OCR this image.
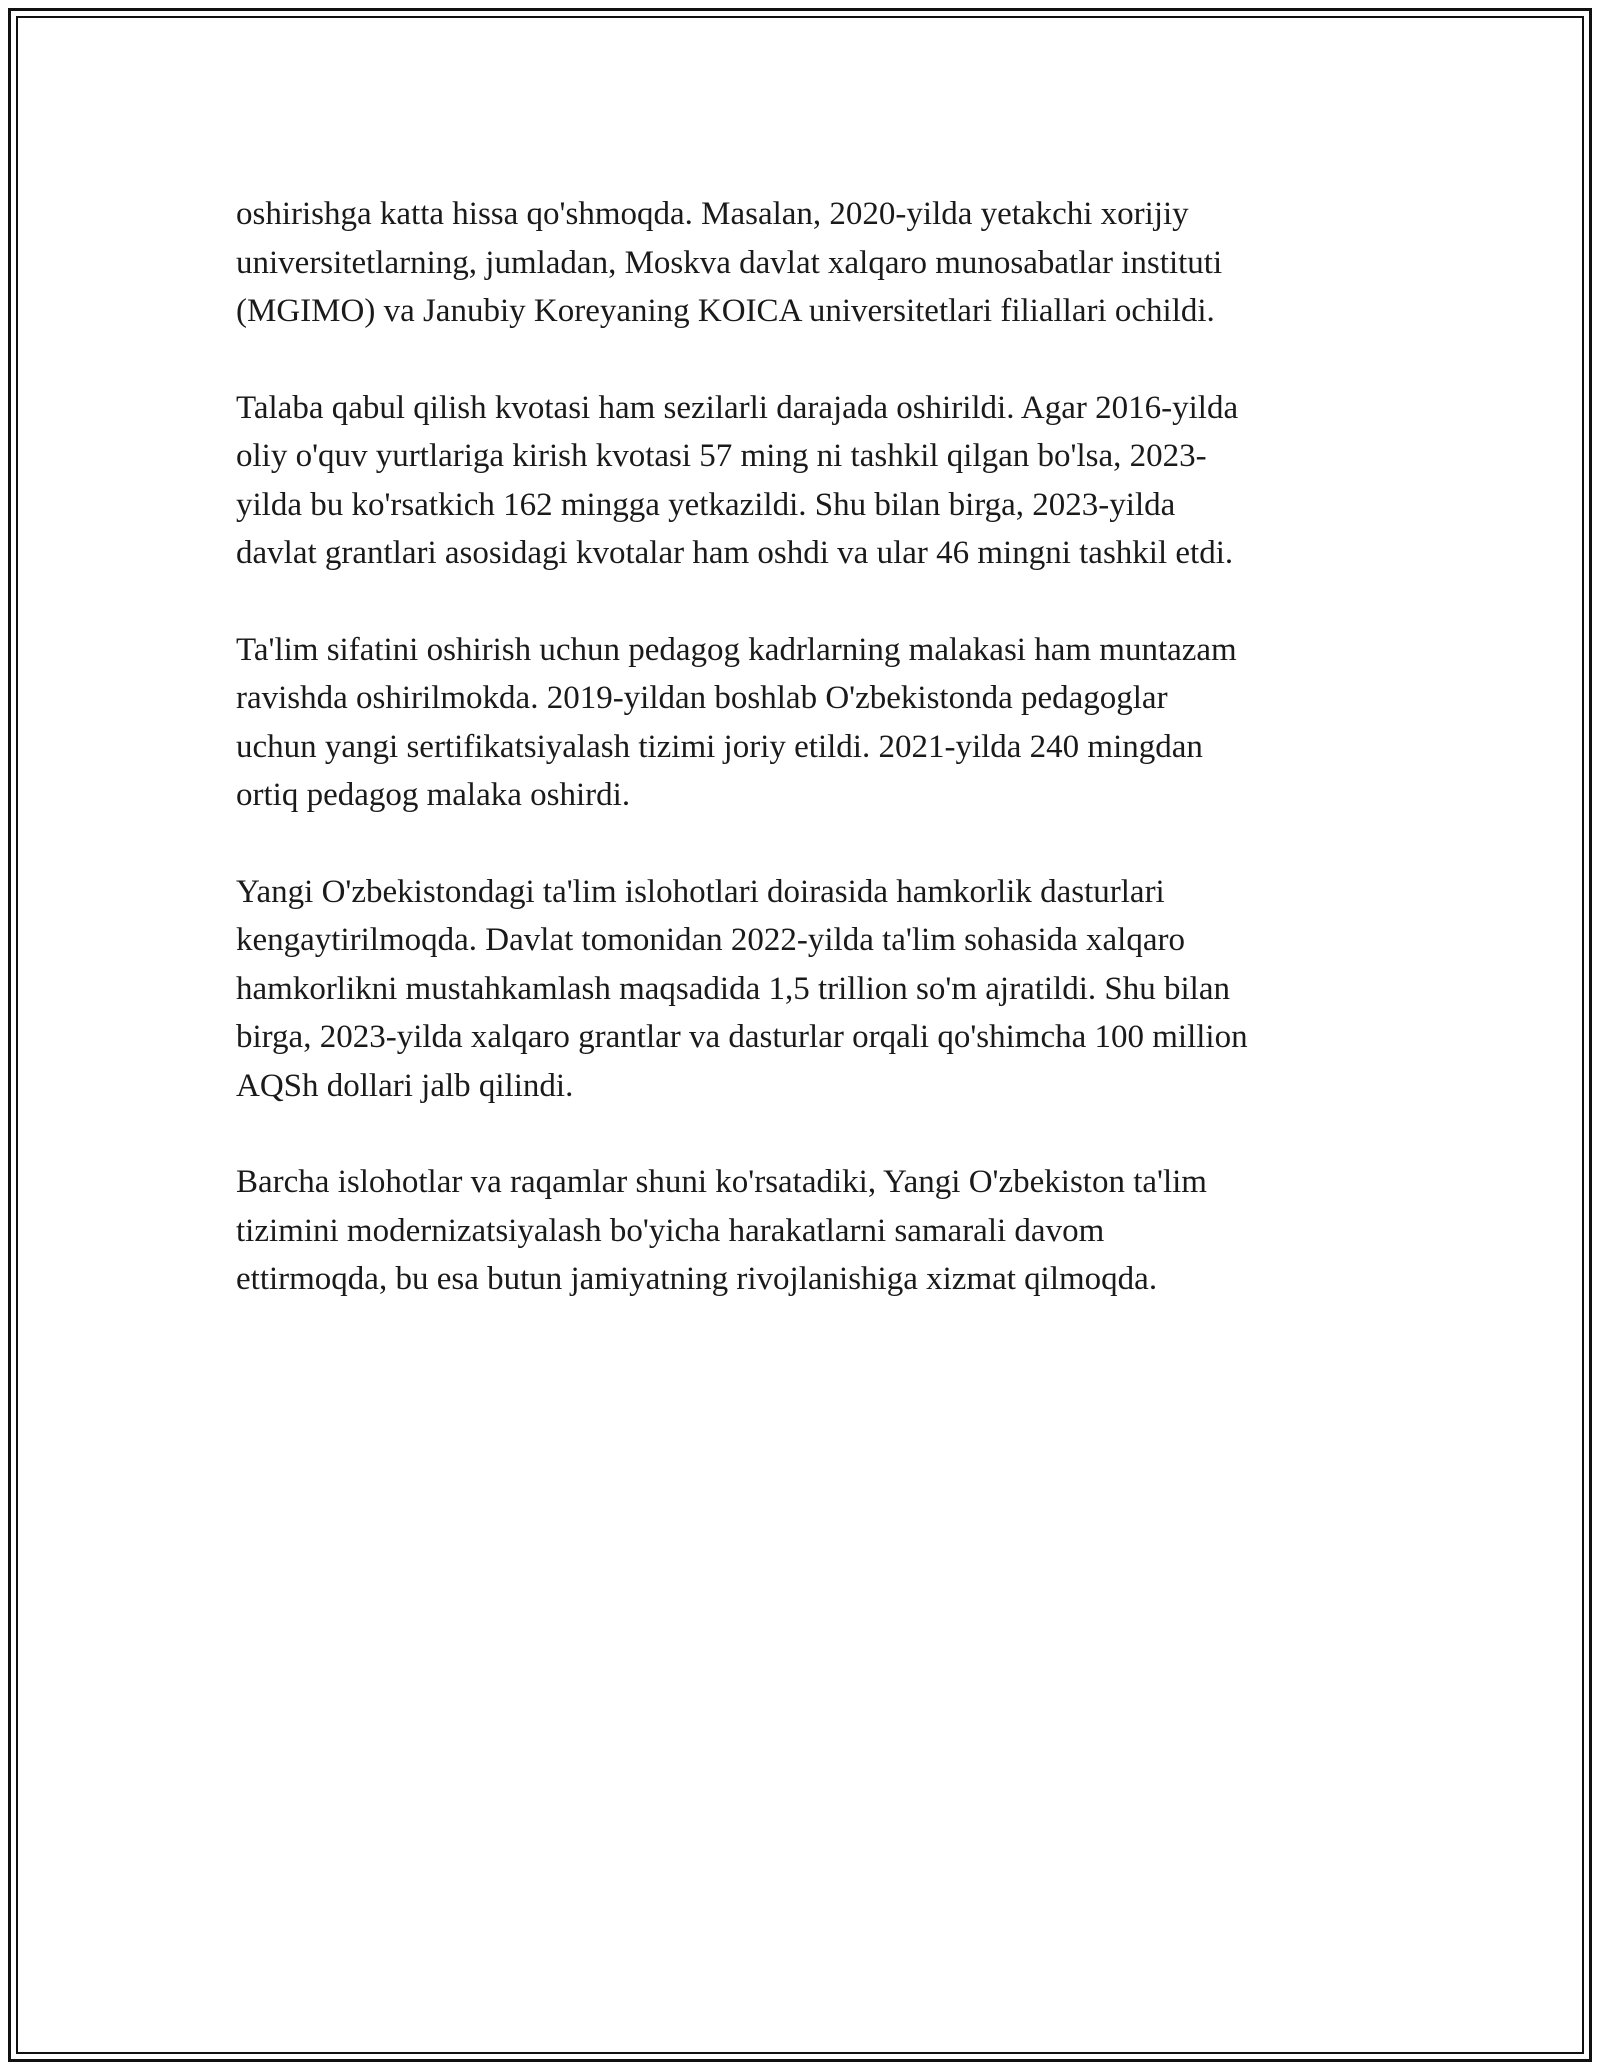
oshirishga katta hissa qo'shmoqda. Masalan, 2020-yilda yetakchi xorijiy
universitetlarning, jumladan, Moskva davlat xalqaro munosabatlar instituti
(MGIMO) va Janubiy Koreyaning KOICA universitetlari filiallari ochildi.

Talaba qabul qilish kvotasi ham sezilarli darajada oshirildi. Agar 2016-yilda
oliy o'quv yurtlariga kirish kvotasi 57 ming ni tashkil qilgan bo'lsa, 2023-
yilda bu ko'rsatkich 162 mingga yetkazildi. Shu bilan birga, 2023-yilda
davlat grantlari asosidagi kvotalar ham oshdi va ular 46 mingni tashkil etdi.

Ta'lim sifatini oshirish uchun pedagog kadrlarning malakasi ham muntazam
ravishda oshirilmokda. 2019-yildan boshlab O'zbekistonda pedagoglar
uchun yangi sertifikatsiyalash tizimi joriy etildi. 2021-yilda 240 mingdan
ortiq pedagog malaka oshirdi.

Yangi O'zbekistondagi ta'lim islohotlari doirasida hamkorlik dasturlari
kengaytirilmoqda. Davlat tomonidan 2022-yilda ta'lim sohasida xalqaro
hamkorlikni mustahkamlash maqsadida 1,5 trillion so'm ajratildi. Shu bilan
birga, 2023-yilda xalqaro grantlar va dasturlar orqali qo'shimcha 100 million
AQSh dollari jalb qilindi.

Barcha islohotlar va raqamlar shuni ko'rsatadiki, Yangi O'zbekiston ta'lim
tizimini modernizatsiyalash bo'yicha harakatlarni samarali davom
ettirmoqda, bu esa butun jamiyatning rivojlanishiga xizmat qilmoqda.
